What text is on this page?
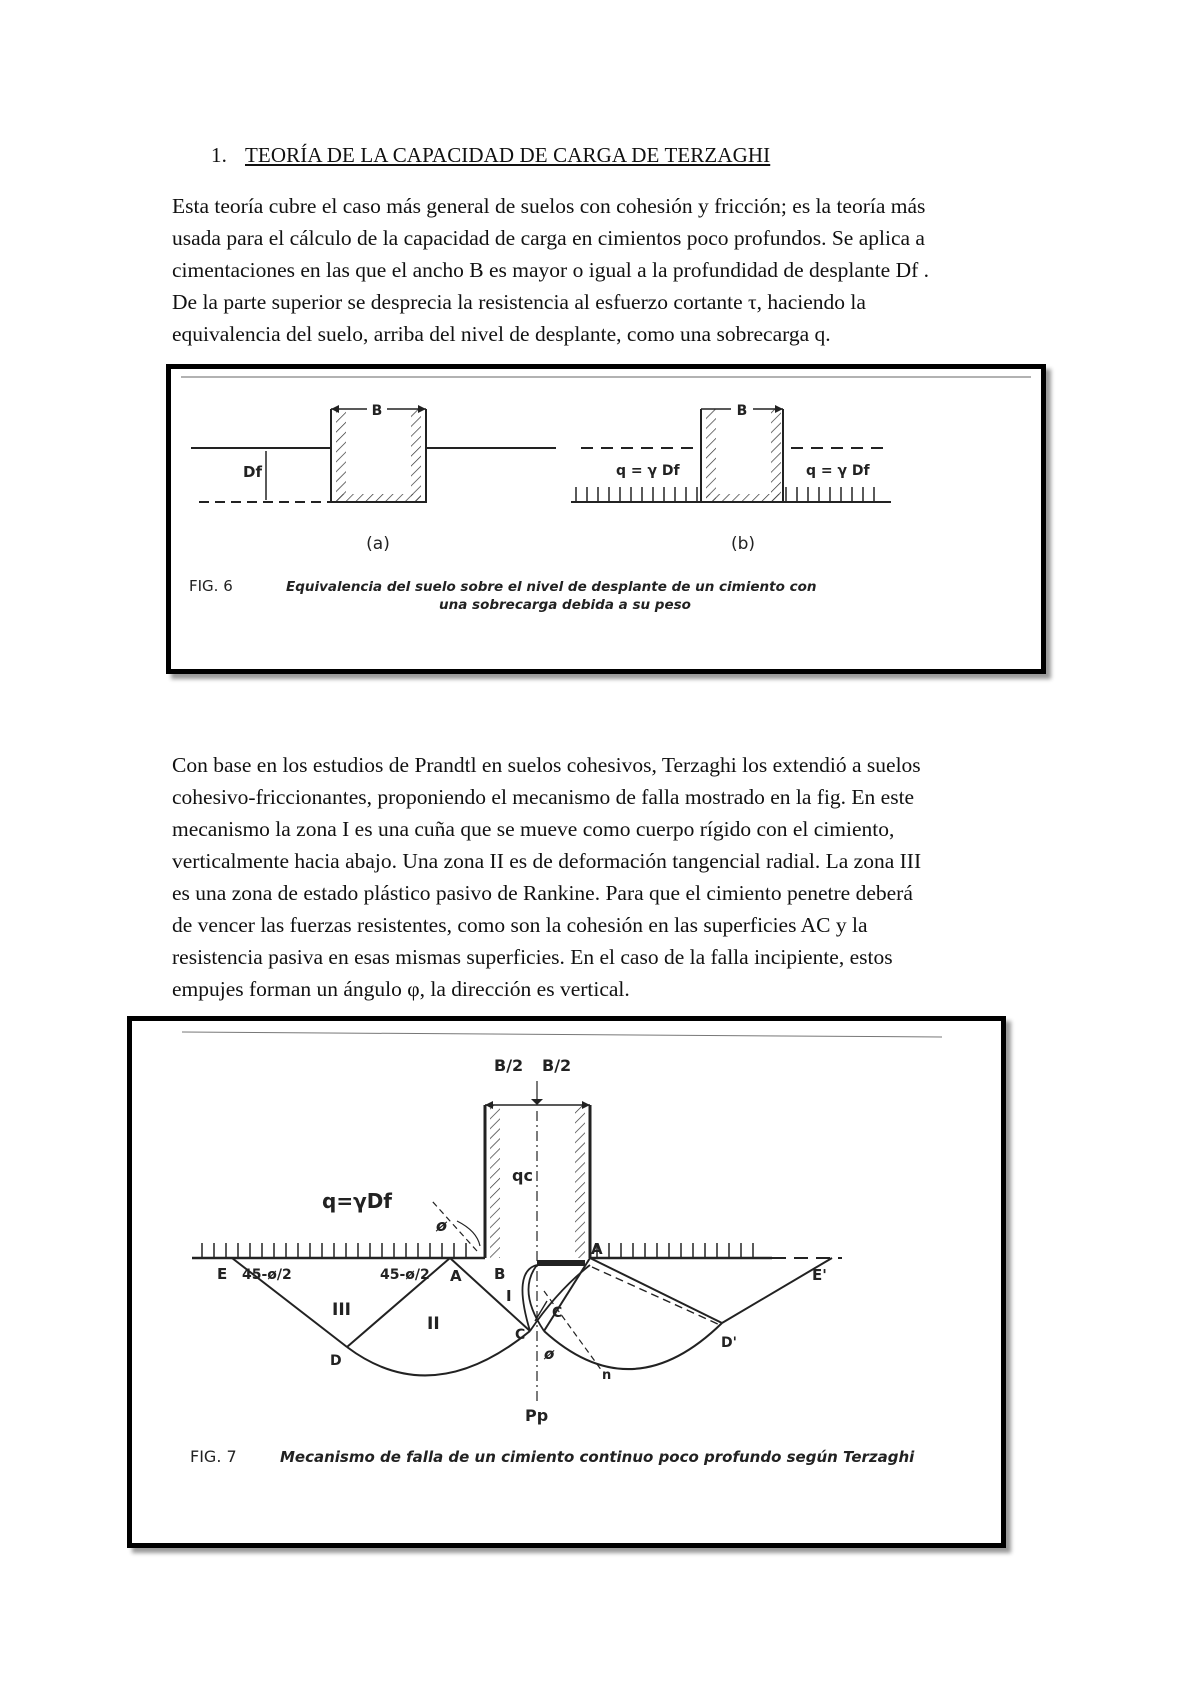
1. TEORÍA DE LA CAPACIDAD DE CARGA DE TERZAGHI

Esta teoría cubre el caso más general de suelos con cohesión y fricción; es la teoría más
usada para el cálculo de la capacidad de carga en cimientos poco profundos. Se aplica a
cimentaciones en las que el ancho B es mayor o igual a la profundidad de desplante Df .
De la parte superior se desprecia la resistencia al esfuerzo cortante τ, haciendo la
equivalencia del suelo, arriba del nivel de desplante, como una sobrecarga q.

B
Df
(a)
B
q = γ Df	q = γ Df
(b)
FIG. 6	Equivalencia del suelo sobre el nivel de desplante de un cimiento con
una sobrecarga debida a su peso

Con base en los estudios de Prandtl en suelos cohesivos, Terzaghi los extendió a suelos
cohesivo-friccionantes, proponiendo el mecanismo de falla mostrado en la fig. En este
mecanismo la zona I es una cuña que se mueve como cuerpo rígido con el cimiento,
verticalmente hacia abajo. Una zona II es de deformación tangencial radial. La zona III
es una zona de estado plástico pasivo de Rankine. Para que el cimiento penetre deberá
de vencer las fuerzas resistentes, como son la cohesión en las superficies AC y la
resistencia pasiva en esas mismas superficies. En el caso de la falla incipiente, estos
empujes forman un ángulo φ, la dirección es vertical.

B/2 B/2
qc
q=γDf
ø
E 45-ø/2	45-ø/2 A B
I
A
E'
III
II
C
C
D
D'
ø
n
Pp
FIG. 7	Mecanismo de falla de un cimiento continuo poco profundo según Terzaghi
